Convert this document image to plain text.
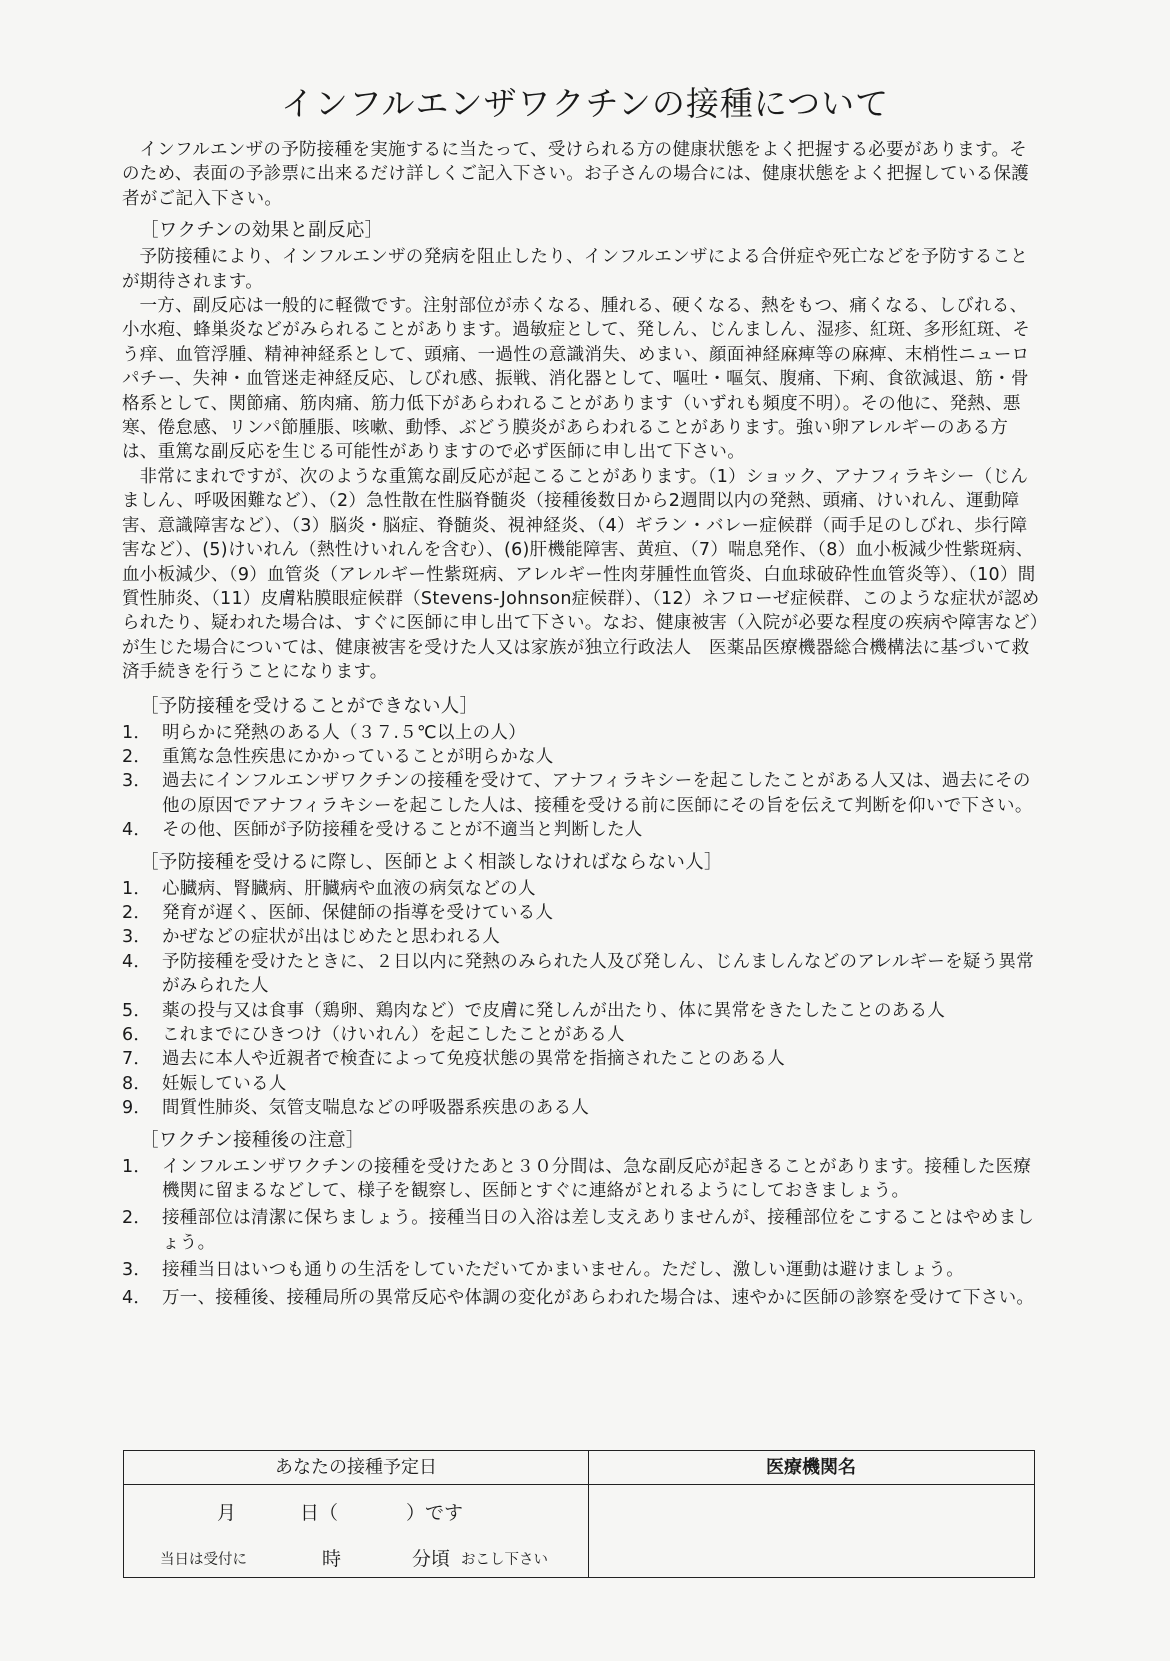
インフルエンザワクチンの接種について

インフルエンザの予防接種を実施するに当たって、受けられる方の健康状態をよく把握する必要があります。そのため、表面の予診票に出来るだけ詳しくご記入下さい。お子さんの場合には、健康状態をよく把握している保護者がご記入下さい。

［ワクチンの効果と副反応］

予防接種により、インフルエンザの発病を阻止したり、インフルエンザによる合併症や死亡などを予防することが期待されます。

一方、副反応は一般的に軽微です。注射部位が赤くなる、腫れる、硬くなる、熱をもつ、痛くなる、しびれる、小水疱、蜂巣炎などがみられることがあります。過敏症として、発しん、じんましん、湿疹、紅斑、多形紅斑、そう痒、血管浮腫、精神神経系として、頭痛、一過性の意識消失、めまい、顔面神経麻痺等の麻痺、末梢性ニューロパチー、失神・血管迷走神経反応、しびれ感、振戦、消化器として、嘔吐・嘔気、腹痛、下痢、食欲減退、筋・骨格系として、関節痛、筋肉痛、筋力低下があらわれることがあります（いずれも頻度不明）。その他に、発熱、悪寒、倦怠感、リンパ節腫脹、咳嗽、動悸、ぶどう膜炎があらわれることがあります。強い卵アレルギーのある方は、重篤な副反応を生じる可能性がありますので必ず医師に申し出て下さい。

非常にまれですが、次のような重篤な副反応が起こることがあります。（1）ショック、アナフィラキシー（じんましん、呼吸困難など）、（2）急性散在性脳脊髄炎（接種後数日から2週間以内の発熱、頭痛、けいれん、運動障害、意識障害など）、（3）脳炎・脳症、脊髄炎、視神経炎、（4）ギラン・バレー症候群（両手足のしびれ、歩行障害など）、(5)けいれん（熱性けいれんを含む）、(6)肝機能障害、黄疸、（7）喘息発作、（8）血小板減少性紫斑病、血小板減少、（9）血管炎（アレルギー性紫斑病、アレルギー性肉芽腫性血管炎、白血球破砕性血管炎等）、（10）間質性肺炎、（11）皮膚粘膜眼症候群（Stevens-Johnson症候群）、（12）ネフローゼ症候群、このような症状が認められたり、疑われた場合は、すぐに医師に申し出て下さい。なお、健康被害（入院が必要な程度の疾病や障害など）が生じた場合については、健康被害を受けた人又は家族が独立行政法人　医薬品医療機器総合機構法に基づいて救済手続きを行うことになります。

［予防接種を受けることができない人］
1． 明らかに発熱のある人（３７.５℃以上の人）
2． 重篤な急性疾患にかかっていることが明らかな人
3． 過去にインフルエンザワクチンの接種を受けて、アナフィラキシーを起こしたことがある人又は、過去にその他の原因でアナフィラキシーを起こした人は、接種を受ける前に医師にその旨を伝えて判断を仰いで下さい。
4． その他、医師が予防接種を受けることが不適当と判断した人
［予防接種を受けるに際し、医師とよく相談しなければならない人］
1． 心臓病、腎臓病、肝臓病や血液の病気などの人
2． 発育が遅く、医師、保健師の指導を受けている人
3． かぜなどの症状が出はじめたと思われる人
4． 予防接種を受けたときに、２日以内に発熱のみられた人及び発しん、じんましんなどのアレルギーを疑う異常がみられた人
5． 薬の投与又は食事（鶏卵、鶏肉など）で皮膚に発しんが出たり、体に異常をきたしたことのある人
6． これまでにひきつけ（けいれん）を起こしたことがある人
7． 過去に本人や近親者で検査によって免疫状態の異常を指摘されたことのある人
8． 妊娠している人
9． 間質性肺炎、気管支喘息などの呼吸器系疾患のある人
［ワクチン接種後の注意］
1． インフルエンザワクチンの接種を受けたあと３０分間は、急な副反応が起きることがあります。接種した医療機関に留まるなどして、様子を観察し、医師とすぐに連絡がとれるようにしておきましょう。
2． 接種部位は清潔に保ちましょう。接種当日の入浴は差し支えありませんが、接種部位をこすることはやめましょう。
3． 接種当日はいつも通りの生活をしていただいてかまいません。ただし、激しい運動は避けましょう。
4． 万一、接種後、接種局所の異常反応や体調の変化があらわれた場合は、速やかに医師の診察を受けて下さい。
あなたの接種予定日	医療機関名
月	日（	）です
当日は受付に	時	分頃 おこし下さい
